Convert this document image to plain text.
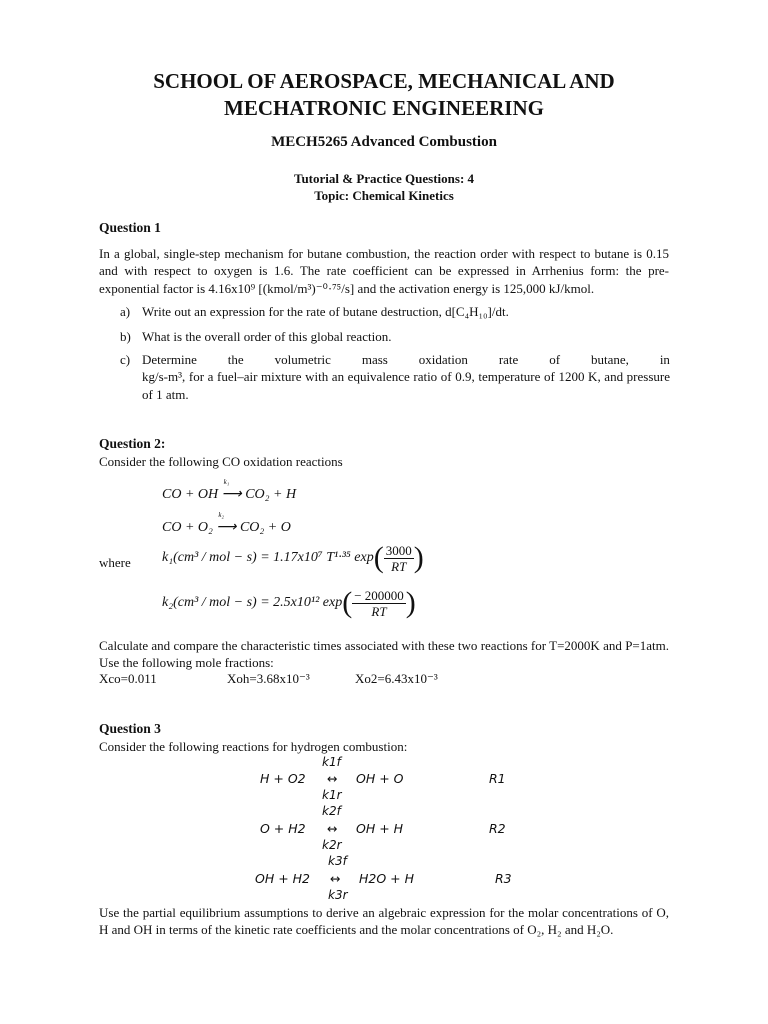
SCHOOL OF AEROSPACE, MECHANICAL AND
MECHATRONIC ENGINEERING
MECH5265 Advanced Combustion
Tutorial & Practice Questions: 4
Topic: Chemical Kinetics
Question 1
In a global, single-step mechanism for butane combustion, the reaction order with respect to butane is 0.15 and with respect to oxygen is 1.6. The rate coefficient can be expressed in Arrhenius form: the pre-exponential factor is 4.16x10⁹ [(kmol/m³)⁻⁰·⁷⁵/s] and the activation energy is 125,000 kJ/kmol.
a) Write out an expression for the rate of butane destruction, d[C₄H₁₀]/dt.
b) What is the overall order of this global reaction.
c) Determine the volumetric mass oxidation rate of butane, in
kg/s-m³, for a fuel–air mixture with an equivalence ratio of 0.9, temperature of 1200 K, and pressure of 1 atm.
Question 2:
Consider the following CO oxidation reactions
CO + OH ⟶
k₁
CO₂ + H
CO + O₂ ⟶
k₂
CO₂ + O
where	k₁(cm³ / mol − s) = 1.17x10⁷ T¹·³⁵ $\exp( \frac{3000}{RT}$ )
k₂(cm³ / mol − s) = 2.5x10¹² $\exp( \frac{- 200000}{RT}$ )
Calculate and compare the characteristic times associated with these two reactions for T=2000K and P=1atm. Use the following mole fractions:
Xco=0.011	Xoh=3.68x10⁻³	Xo2=6.43x10⁻³
Question 3
Consider the following reactions for hydrogen combustion:
k1f
H + O2 ↔ OH + O	R1
k1r
k2f
O + H2 ↔ OH + H	R2
k2r
k3f
OH + H2 ↔ H2O + H	R3
k3r
Use the partial equilibrium assumptions to derive an algebraic expression for the molar concentrations of O, H and OH in terms of the kinetic rate coefficients and the molar concentrations of O₂, H₂ and H₂O.
